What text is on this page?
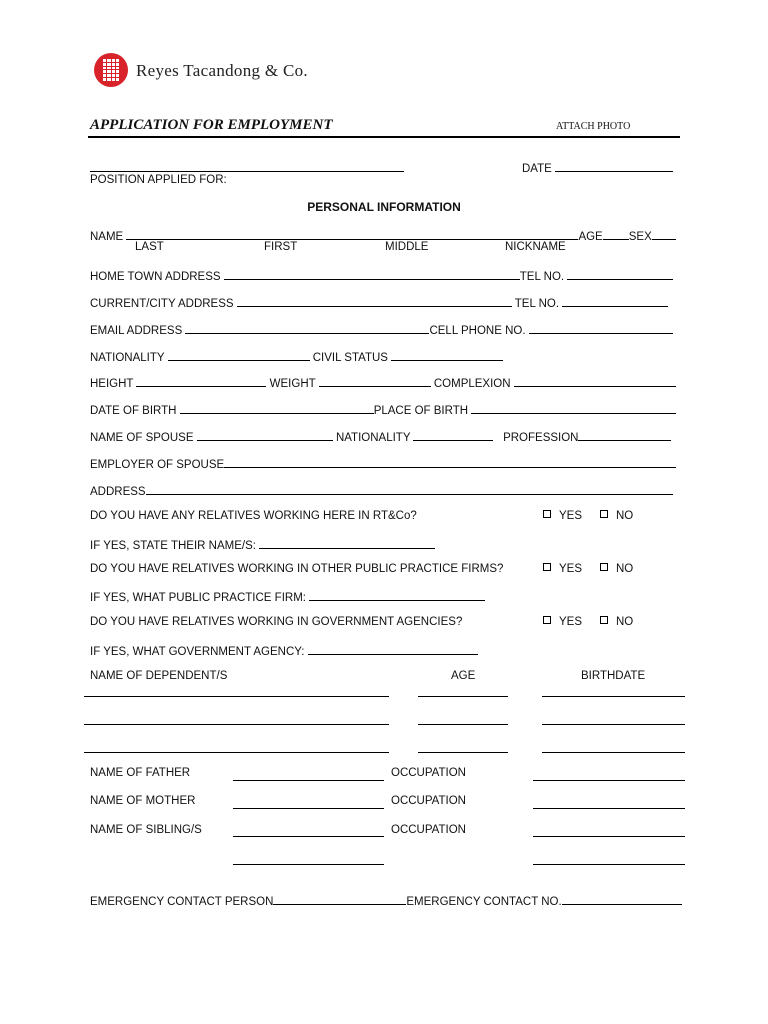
Reyes Tacandong & Co.
APPLICATION FOR EMPLOYMENT	ATTACH PHOTO
POSITION APPLIED FOR:
DATE
PERSONAL INFORMATION
NAME	AGE SEX
LAST	FIRST	MIDDLE	NICKNAME
HOME TOWN ADDRESS	TEL NO.
CURRENT/CITY ADDRESS	TEL NO.
EMAIL ADDRESS	CELL PHONE NO.
NATIONALITY	CIVIL STATUS
HEIGHT	WEIGHT	COMPLEXION
DATE OF BIRTH	PLACE OF BIRTH
NAME OF SPOUSE	NATIONALITY	PROFESSION
EMPLOYER OF SPOUSE
ADDRESS
DO YOU HAVE ANY RELATIVES WORKING HERE IN RT&Co?	YES	NO
IF YES, STATE THEIR NAME/S:
DO YOU HAVE RELATIVES WORKING IN OTHER PUBLIC PRACTICE FIRMS?	YES	NO
IF YES, WHAT PUBLIC PRACTICE FIRM:
DO YOU HAVE RELATIVES WORKING IN GOVERNMENT AGENCIES?	YES	NO
IF YES, WHAT GOVERNMENT AGENCY:
NAME OF DEPENDENT/S	AGE	BIRTHDATE
NAME OF FATHER	OCCUPATION
NAME OF MOTHER	OCCUPATION
NAME OF SIBLING/S	OCCUPATION
EMERGENCY CONTACT PERSON	EMERGENCY CONTACT NO.
